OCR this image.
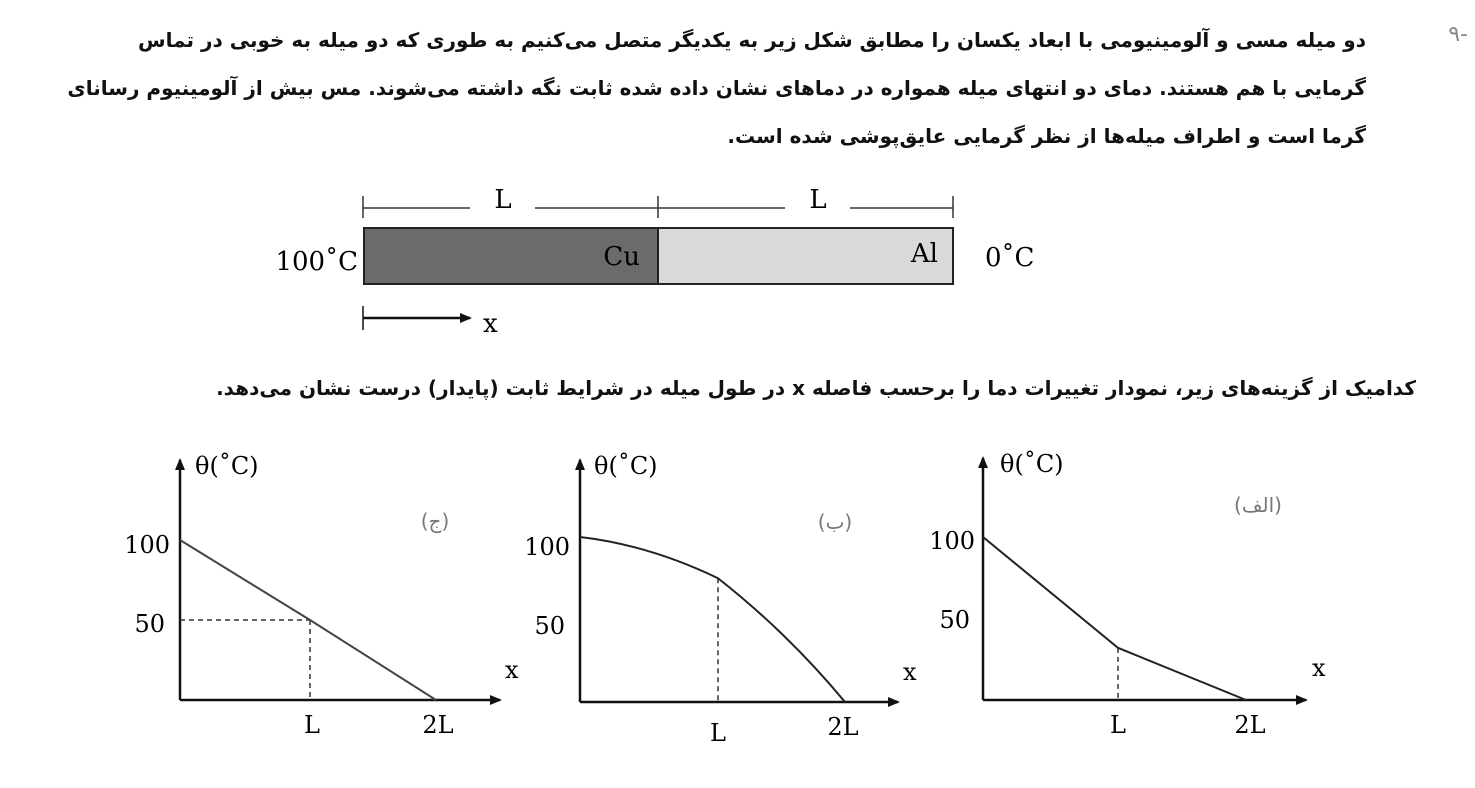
-۹

دو میله مسی و آلومینیومی با ابعاد یکسان را مطابق شکل زیر به یکدیگر متصل می‌کنیم به طوری که دو میله به خوبی در تماس
گرمایی با هم هستند. دمای دو انتهای میله همواره در دماهای نشان داده شده ثابت نگه داشته می‌شوند. مس بیش از آلومینیوم رسانای
گرما است و اطراف میله‌ها از نظر گرمایی عایق‌پوشی شده است.

کدامیک از گزینه‌های زیر، نمودار تغییرات دما را برحسب فاصله x در طول میله در شرایط ثابت (پایدار) درست نشان می‌دهد.

L	L
Cu	Al
100˚C	0˚C
x
θ(˚C)
x
100
50
L	2L
(ج)
θ(˚C)
x
100
50
L	2L
(ب)
θ(˚C)
x
100
50
L	2L
(الف)
